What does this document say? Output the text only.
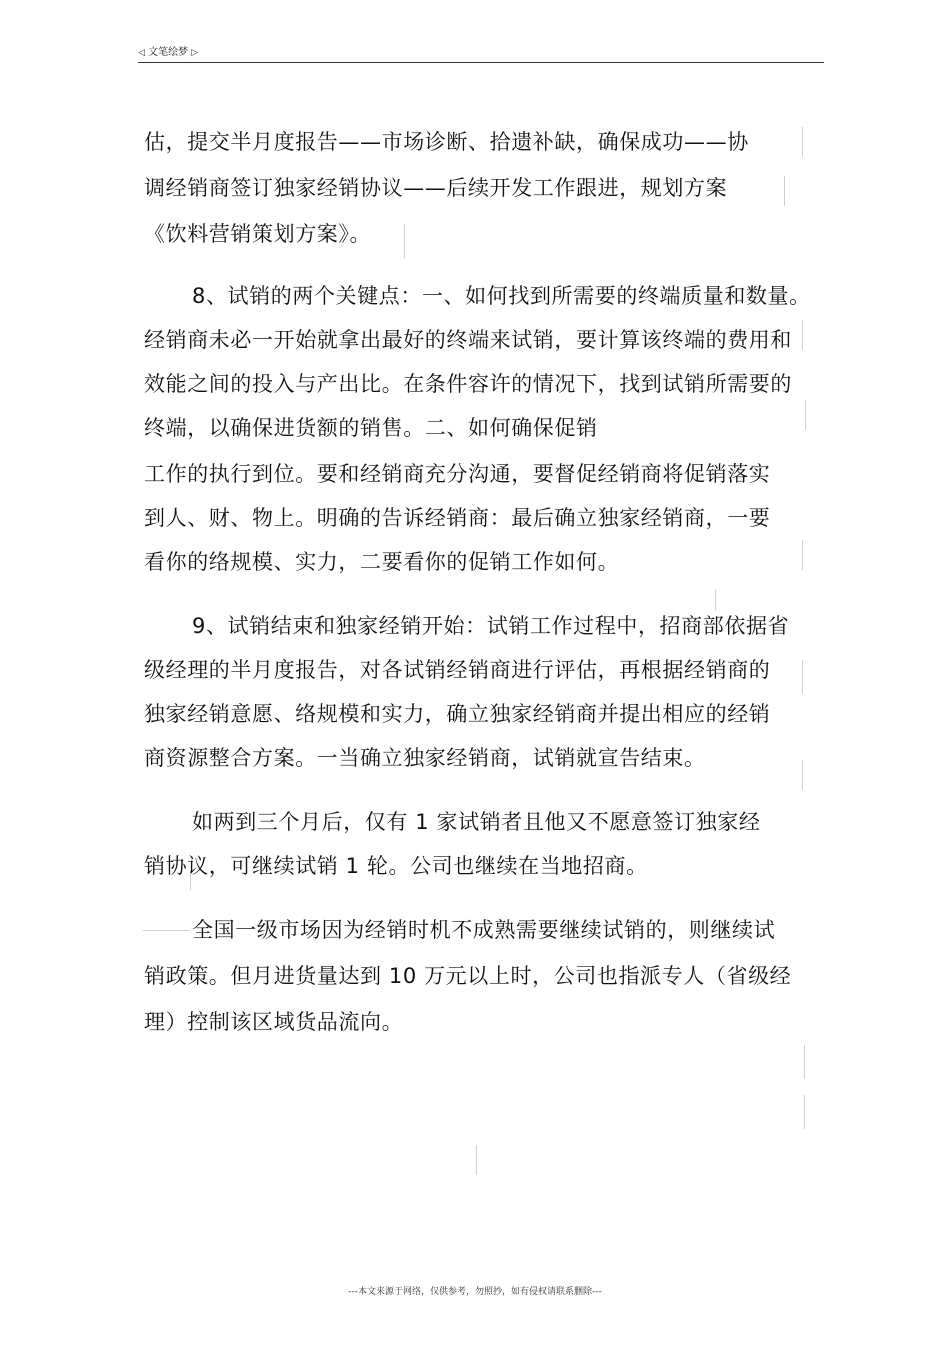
◁ 文笔绘梦 ▷
估，提交半月度报告——市场诊断、拾遗补缺，确保成功——协
调经销商签订独家经销协议——后续开发工作跟进，规划方案
《饮料营销策划方案》。
8、试销的两个关键点：一、如何找到所需要的终端质量和数量。
经销商未必一开始就拿出最好的终端来试销，要计算该终端的费用和
效能之间的投入与产出比。在条件容许的情况下，找到试销所需要的
终端，以确保进货额的销售。二、如何确保促销
工作的执行到位。要和经销商充分沟通，要督促经销商将促销落实
到人、财、物上。明确的告诉经销商：最后确立独家经销商，一要
看你的络规模、实力，二要看你的促销工作如何。
9、试销结束和独家经销开始：试销工作过程中，招商部依据省
级经理的半月度报告，对各试销经销商进行评估，再根据经销商的
独家经销意愿、络规模和实力，确立独家经销商并提出相应的经销
商资源整合方案。一当确立独家经销商，试销就宣告结束。
如两到三个月后，仅有 1 家试销者且他又不愿意签订独家经
销协议，可继续试销 1 轮。公司也继续在当地招商。
全国一级市场因为经销时机不成熟需要继续试销的，则继续试
销政策。但月进货量达到 10 万元以上时，公司也指派专人（省级经
理）控制该区域货品流向。
---本文来源于网络，仅供参考，勿照抄，如有侵权请联系删除---
